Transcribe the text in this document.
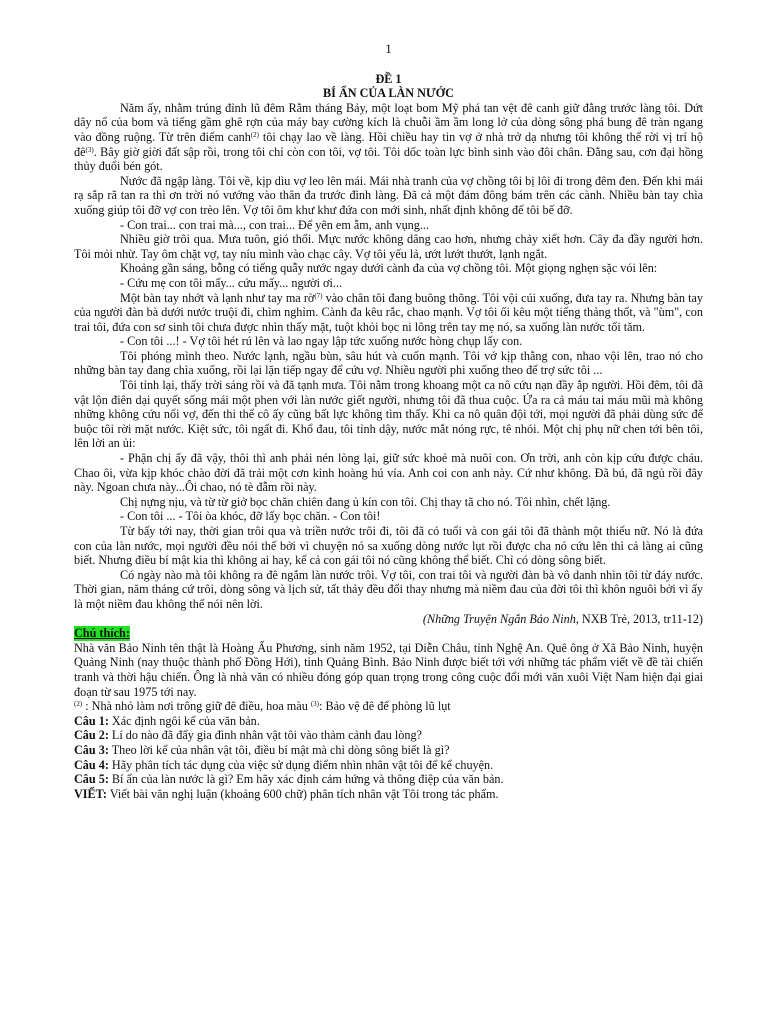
1
ĐỀ 1
BÍ ẨN CỦA LÀN NƯỚC

Năm ấy, nhằm trúng đỉnh lũ đêm Rằm tháng Bảy, một loạt bom Mỹ phá tan vệt đê canh giữ đằng trước làng tôi. Dứt dây nổ của bom và tiếng gầm ghê rợn của máy bay cường kích là chuỗi ầm ầm long lở của dòng sông phá bung đê tràn ngang vào đồng ruộng. Từ trên điếm canh$^{(2)}$ tôi chạy lao về làng. Hồi chiều hay tin vợ ở nhà trở dạ nhưng tôi không thể rời vị trí hộ $đê^{(3)}$. Bây giờ giời đất sập rồi, trong tôi chỉ còn con tôi, vợ tôi. Tôi dốc toàn lực bình sinh vào đôi chân. Đằng sau, cơn đại hồng thủy đuổi bén gót.

Nước đã ngập làng. Tôi về, kịp dìu vợ leo lên mái. Mái nhà tranh của vợ chồng tôi bị lôi đi trong đêm đen. Đến khi mái rạ sắp rã tan ra thì ơn trời nó vướng vào thân đa trước đình làng. Đã cả một đám đông bám trên các cành. Nhiều bàn tay chìa xuống giúp tôi đỡ vợ con trèo lên. Vợ tôi ôm khư khư đứa con mới sinh, nhất định không để tôi bế đỡ.

- Con trai... con trai mà..., con trai... Để yên em ẵm, anh vụng...

Nhiều giờ trôi qua. Mưa tuôn, gió thổi. Mực nước không dâng cao hơn, nhưng chảy xiết hơn. Cây đa đầy người hơn. Tôi mỏi nhừ. Tay ôm chặt vợ, tay níu mình vào chạc cây. Vợ tôi yếu lả, ướt lướt thướt, lạnh ngắt.

Khoảng gần sáng, bỗng có tiếng quẫy nước ngay dưới cành đa của vợ chồng tôi. Một giọng nghẹn sặc vói lên:

- Cứu mẹ con tôi mấy... cứu mấy... người ơi...

Một bàn tay nhớt và lạnh như tay ma rờ$^{(7)}$ vào chân tôi đang buông thõng. Tôi vội cúi xuống, đưa tay ra. Nhưng bàn tay của người đàn bà dưới nước truội đi, chìm nghỉm. Cành đa kêu rắc, chao mạnh. Vợ tôi ối kêu một tiếng thảng thốt, và "ùm", con trai tôi, đứa con sơ sinh tôi chưa được nhìn thấy mặt, tuột khỏi bọc ni lông trên tay mẹ nó, sa xuống làn nước tối tăm.

- Con tôi ...! - Vợ tôi hét rú lên và lao ngay lập tức xuống nước hòng chụp lấy con.

Tôi phóng mình theo. Nước lạnh, ngầu bùn, sâu hút và cuốn mạnh. Tôi vớ kịp thằng con, nhao vội lên, trao nó cho những bàn tay đang chìa xuống, rồi lại lặn tiếp ngay để cứu vợ. Nhiều người phi xuống theo để trợ sức tôi ...

Tôi tỉnh lại, thấy trời sáng rồi và đã tạnh mưa. Tôi nằm trong khoang một ca nô cứu nạn đầy ắp người. Hồi đêm, tôi đã vật lộn điên dại quyết sống mái một phen với làn nước giết người, nhưng tôi đã thua cuộc. Ứa ra cả máu tai máu mũi mà không những không cứu nổi vợ, đến thi thể cô ấy cũng bất lực không tìm thấy. Khi ca nô quân đội tới, mọi người đã phải dùng sức để buộc tôi rời mặt nước. Kiệt sức, tôi ngất đi. Khổ đau, tôi tỉnh dậy, nước mắt nóng rực, tê nhói. Một chị phụ nữ chen tới bên tôi, lên lời an ủi:

- Phận chị ấy đã vậy, thôi thì anh phải nén lòng lại, giữ sức khoẻ mà nuôi con. Ơn trời, anh còn kịp cứu được cháu. Chao ôi, vừa kịp khóc chào đời đã trải một cơn kinh hoàng hú vía. Anh coi con anh này. Cứ như không. Đã bú, đã ngủ rồi đây này. Ngoan chưa này...Ôi chao, nó tè đẫm rồi này.

Chị nựng nịu, và từ từ giở bọc chăn chiên đang ủ kín con tôi. Chị thay tã cho nó. Tôi nhìn, chết lặng.

- Con tôi ... - Tôi òa khóc, đỡ lấy bọc chăn. - Con tôi!

Từ bấy tới nay, thời gian trôi qua và triền nước trôi đi, tôi đã có tuổi và con gái tôi đã thành một thiếu nữ. Nó là đứa con của làn nước, mọi người đều nói thế bởi vì chuyện nó sa xuống dòng nước lụt rồi được cha nó cứu lên thì cả làng ai cũng biết. Nhưng điều bí mật kia thì không ai hay, kể cả con gái tôi nó cũng không thể biết. Chỉ có dòng sông biết.

Có ngày nào mà tôi không ra đê ngắm làn nước trôi. Vợ tôi, con trai tôi và người đàn bà vô danh nhìn tôi từ đáy nước. Thời gian, năm tháng cứ trôi, dòng sông và lịch sử, tất thảy đều đổi thay nhưng mà niềm đau của đời tôi thì khôn nguôi bởi vì ấy là một niềm đau không thể nói nên lời.

(Những Truyện Ngắn Bảo Ninh, NXB Trẻ, 2013, tr11-12)
Chú thích:

Nhà văn Bảo Ninh tên thật là Hoàng Ấu Phương, sinh năm 1952, tại Diễn Châu, tỉnh Nghệ An. Quê ông ở Xã Bảo Ninh, huyện Quảng Ninh (nay thuộc thành phố Đồng Hới), tỉnh Quảng Bình. Bảo Ninh được biết tới với những tác phẩm viết về đề tài chiến tranh và thời hậu chiến. Ông là nhà văn có nhiều đóng góp quan trọng trong công cuộc đổi mới văn xuôi Việt Nam hiện đại giai đoạn từ sau 1975 tới nay.

$^{(2)}$ : Nhà nhỏ làm nơi trông giữ đê điều, hoa màu $^{(3)}$: Bảo vệ đê để phòng lũ lụt

Câu 1: Xác định ngôi kể của văn bản.
Câu 2: Lí do nào đã đẩy gia đình nhân vật tôi vào thảm cảnh đau lòng?
Câu 3: Theo lời kể của nhân vật tôi, điều bí mật mà chỉ dòng sông biết là gì?
Câu 4: Hãy phân tích tác dụng của việc sử dụng điểm nhìn nhân vật tôi để kể chuyện.
Câu 5: Bí ẩn của làn nước là gì? Em hãy xác định cảm hứng và thông điệp của văn bản.
VIẾT: Viết bài văn nghị luận (khoảng 600 chữ) phân tích nhân vật Tôi trong tác phẩm.
